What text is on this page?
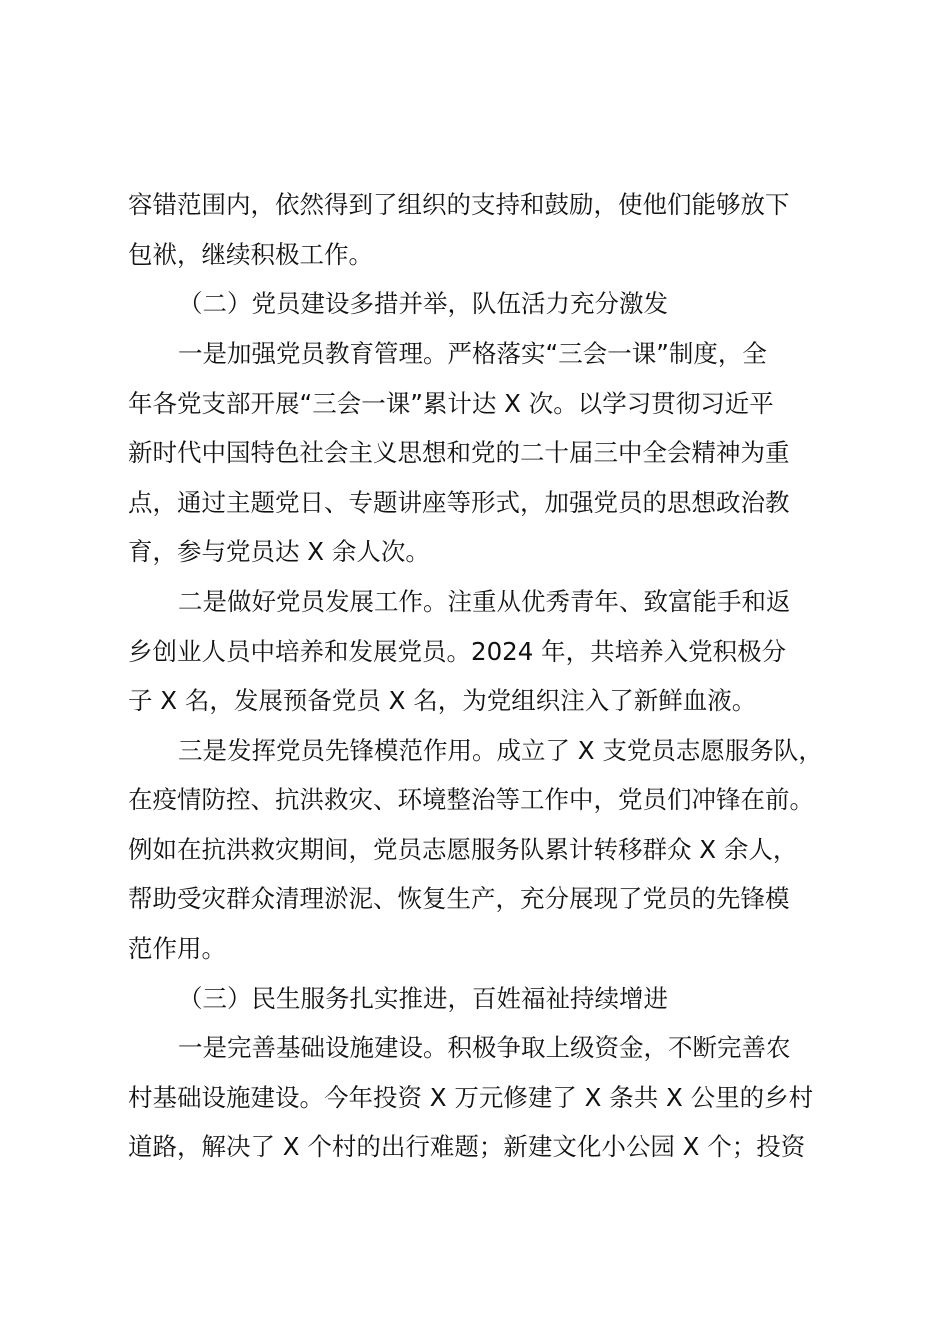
容错范围内，依然得到了组织的支持和鼓励，使他们能够放下

包袱，继续积极工作。

（二）党员建设多措并举，队伍活力充分激发

一是加强党员教育管理。严格落实“三会一课”制度，全

年各党支部开展“三会一课”累计达 X 次。以学习贯彻习近平

新时代中国特色社会主义思想和党的二十届三中全会精神为重

点，通过主题党日、专题讲座等形式，加强党员的思想政治教

育，参与党员达 X 余人次。

二是做好党员发展工作。注重从优秀青年、致富能手和返

乡创业人员中培养和发展党员。2024 年，共培养入党积极分

子 X 名，发展预备党员 X 名，为党组织注入了新鲜血液。

三是发挥党员先锋模范作用。成立了 X 支党员志愿服务队，

在疫情防控、抗洪救灾、环境整治等工作中，党员们冲锋在前。

例如在抗洪救灾期间，党员志愿服务队累计转移群众 X 余人，

帮助受灾群众清理淤泥、恢复生产，充分展现了党员的先锋模

范作用。

（三）民生服务扎实推进，百姓福祉持续增进

一是完善基础设施建设。积极争取上级资金，不断完善农

村基础设施建设。今年投资 X 万元修建了 X 条共 X 公里的乡村

道路，解决了 X 个村的出行难题；新建文化小公园 X 个；投资
